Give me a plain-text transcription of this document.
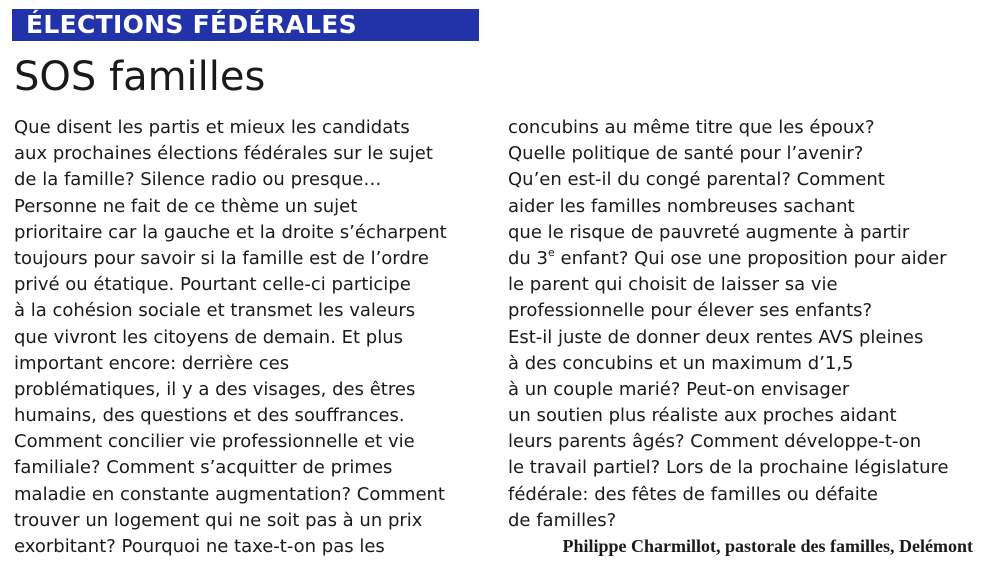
ÉLECTIONS FÉDÉRALES
SOS familles
Que disent les partis et mieux les candidats
aux prochaines élections fédérales sur le sujet
de la famille? Silence radio ou presque…
Personne ne fait de ce thème un sujet
prioritaire car la gauche et la droite s’écharpent
toujours pour savoir si la famille est de l’ordre
privé ou étatique. Pourtant celle-ci participe
à la cohésion sociale et transmet les valeurs
que vivront les citoyens de demain. Et plus
important encore: derrière ces
problématiques, il y a des visages, des êtres
humains, des questions et des souffrances.
Comment concilier vie professionnelle et vie
familiale? Comment s’acquitter de primes
maladie en constante augmentation? Comment
trouver un logement qui ne soit pas à un prix
exorbitant? Pourquoi ne taxe-t-on pas les
concubins au même titre que les époux?
Quelle politique de santé pour l’avenir?
Qu’en est-il du congé parental? Comment
aider les familles nombreuses sachant
que le risque de pauvreté augmente à partir
du 3e enfant? Qui ose une proposition pour aider
le parent qui choisit de laisser sa vie
professionnelle pour élever ses enfants?
Est-il juste de donner deux rentes AVS pleines
à des concubins et un maximum d’1,5
à un couple marié? Peut-on envisager
un soutien plus réaliste aux proches aidant
leurs parents âgés? Comment développe-t-on
le travail partiel? Lors de la prochaine législature
fédérale: des fêtes de familles ou défaite
de familles?
Philippe Charmillot, pastorale des familles, Delémont
